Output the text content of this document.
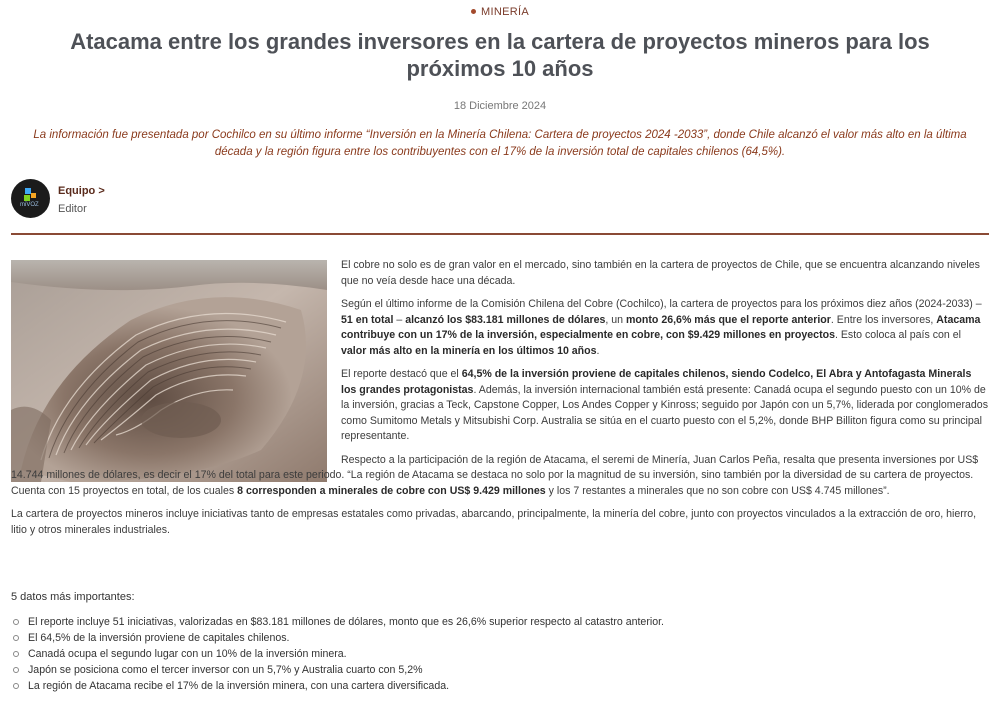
MINERÍA
Atacama entre los grandes inversores en la cartera de proyectos mineros para los próximos 10 años
18 Diciembre 2024

La información fue presentada por Cochilco en su último informe “Inversión en la Minería Chilena: Cartera de proyectos 2024 -2033”, donde Chile alcanzó el valor más alto en la última década y la región figura entre los contribuyentes con el 17% de la inversión total de capitales chilenos (64,5%).

miVOZ
Equipo >
Editor

El cobre no solo es de gran valor en el mercado, sino también en la cartera de proyectos de Chile, que se encuentra alcanzando niveles que no veía desde hace una década.

Según el último informe de la Comisión Chilena del Cobre (Cochilco), la cartera de proyectos para los próximos diez años (2024-2033) – 51 en total – alcanzó los $83.181 millones de dólares, un monto 26,6% más que el reporte anterior. Entre los inversores, Atacama contribuye con un 17% de la inversión, especialmente en cobre, con $9.429 millones en proyectos. Esto coloca al país con el valor más alto en la minería en los últimos 10 años.

El reporte destacó que el 64,5% de la inversión proviene de capitales chilenos, siendo Codelco, El Abra y Antofagasta Minerals los grandes protagonistas. Además, la inversión internacional también está presente: Canadá ocupa el segundo puesto con un 10% de la inversión, gracias a Teck, Capstone Copper, Los Andes Copper y Kinross; seguido por Japón con un 5,7%, liderada por conglomerados como Sumitomo Metals y Mitsubishi Corp. Australia se sitúa en el cuarto puesto con el 5,2%, donde BHP Billiton figura como su principal representante.

Respecto a la participación de la región de Atacama, el seremi de Minería, Juan Carlos Peña, resalta que presenta inversiones por US$ 14.744 millones de dólares, es decir el 17% del total para este periodo. “La región de Atacama se destaca no solo por la magnitud de su inversión, sino también por la diversidad de su cartera de proyectos. Cuenta con 15 proyectos en total, de los cuales 8 corresponden a minerales de cobre con US$ 9.429 millones y los 7 restantes a minerales que no son cobre con US$ 4.745 millones”.

La cartera de proyectos mineros incluye iniciativas tanto de empresas estatales como privadas, abarcando, principalmente, la minería del cobre, junto con proyectos vinculados a la extracción de oro, hierro, litio y otros minerales industriales.

5 datos más importantes:
El reporte incluye 51 iniciativas, valorizadas en $83.181 millones de dólares, monto que es 26,6% superior respecto al catastro anterior.
El 64,5% de la inversión proviene de capitales chilenos.
Canadá ocupa el segundo lugar con un 10% de la inversión minera.
Japón se posiciona como el tercer inversor con un 5,7% y Australia cuarto con 5,2%
La región de Atacama recibe el 17% de la inversión minera, con una cartera diversificada.
